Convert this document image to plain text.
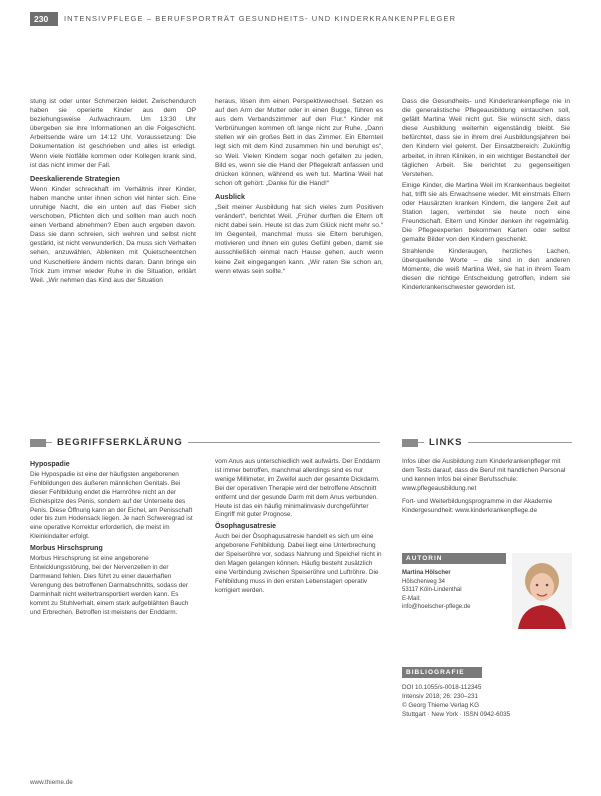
230	INTENSIVPFLEGE – BERUFSPORTRÄT GESUNDHEITS- UND KINDERKRANKENPFLEGER

stung ist oder unter Schmerzen leidet. Zwischendurch haben sie operierte Kinder aus dem OP beziehungsweise Aufwachraum. Um 13:30 Uhr übergeben sie ihre Informationen an die Folgeschicht. Arbeitsende wäre um 14:12 Uhr. Voraussetzung: Die Dokumentation ist geschrieben und alles ist erledigt. Wenn viele Notfälle kommen oder Kollegen krank sind, ist das nicht immer der Fall.

Deeskalierende Strategien

Wenn Kinder schreckhaft im Verhältnis ihrer Kinder, haben manche unter ihnen schon viel hinter sich. Eine unruhige Nacht, die ein unten auf das Fieber sich verschoben, Pflichten dich und sollten man auch noch einen Verband abnehmen? Eben auch ergeben davon. Dass sie dann schreien, sich wehren und selbst nicht gestärkt, ist nicht verwunderlich. Da muss sich Verhalten sehen, anzuwählen, Ablenken mit Quietscheentchen und Kuscheltiere ändern nichts daran. Dann bringe ein Trick zum immer wieder Ruhe in die Situation, erklärt Weil. „Wir nehmen das Kind aus der Situation

heraus, lösen ihm einen Perspektivwechsel. Setzen es auf den Arm der Mutter oder in einen Bugge, führen es aus dem Verbandszimmer auf den Flur.“ Kinder mit Verbrühungen kommen oft lange nicht zur Ruhe. „Dann stellen wir ein großes Bett in das Zimmer. Ein Elternteil legt sich mit dem Kind zusammen hin und beruhigt es“, so Weil. Vielen Kindern sogar noch gefallen zu jeden, Bild es, wenn sie die Hand der Pflegekraft anfassen und drücken können, während es weh tut. Martina Weil hat schon oft gehört: „Danke für die Hand!“

Ausblick

„Seit meiner Ausbildung hat sich vieles zum Positiven verändert“, berichtet Weil. „Früher durften die Eltern oft nicht dabei sein. Heute ist das zum Glück nicht mehr so.“ Im Gegenteil, manchmal muss sie Eltern beruhigen, motivieren und ihnen ein gutes Gefühl geben, damit sie ausschließlich einmal nach Hause gehen, auch wenn keine Zeit eingegangen kann. „Wir raten Sie schon an, wenn etwas sein sollte.“

Dass die Gesundheits- und Kinderkrankenpflege nie in die generalistische Pflegeausbildung eintauchen soll, gefällt Martina Weil nicht gut. Sie wünscht sich, dass diese Ausbildung weiterhin eigenständig bleibt. Sie befürchtet, dass sie in ihrem drei Ausbildungsjahren bei den Kindern viel gelernt. Der Einsatzbereich: Zukünftig arbeitet, in ihren Kliniken, in ein wichtiger Bestandteil der täglichen Arbeit. Sie berichtet zu gegenseitigen Verstehen.

Einige Kinder, die Martina Weil im Krankenhaus begleitet hat, trifft sie als Erwachsene wieder. Mit einstmals Eltern oder Hausärzten kranken Kindern, die langere Zeit auf Station lagen, verbindet sie heute noch eine Freundschaft. Eltern und Kinder denken ihr regelmäßig. Die Pflegeexperten bekommen Karten oder selbst gemalte Bilder von den Kindern geschenkt.

Strahlende Kinderaugen, herzliches Lachen, überquellende Worte – die sind in den anderen Momente, die weiß Martina Weil, sie hat in ihrem Team diesen die richtige Entscheidung getroffen, indem sie Kinderkrankenschwester geworden ist.

BEGRIFFSERKLÄRUNG
Hypospadie

Die Hypospadie ist eine der häufigsten angeborenen Fehlbildungen des äußeren männlichen Genitals. Bei dieser Fehlbildung endet die Harnröhre nicht an der Eichelspitze des Penis, sondern auf der Unterseite des Penis. Diese Öffnung kann an der Eichel, am Penisschaft oder bis zum Hodensack liegen. Je nach Schweregrad ist eine operative Korrektur erforderlich, die meist im Kleinkindalter erfolgt.

Morbus Hirschsprung

Morbus Hirschsprung ist eine angeborene Entwicklungsstörung, bei der Nervenzellen in der Darmwand fehlen. Dies führt zu einer dauerhaften Verengung des betroffenen Darmabschnitts, sodass der Darminhalt nicht weitertransportiert werden kann. Es kommt zu Stuhlverhalt, einem stark aufgeblähten Bauch und Erbrechen. Betroffen ist meistens der Enddarm.

vom Anus aus unterschiedlich weit aufwärts. Der Enddarm ist immer betroffen, manchmal allerdings sind es nur wenige Millimeter, im Zweifel auch der gesamte Dickdarm. Bei der operativen Therapie wird der betroffene Abschnitt entfernt und der gesunde Darm mit dem Anus verbunden. Heute ist das ein häufig minimalinvasiv durchgeführter Eingriff mit guter Prognose.

Ösophagusatresie

Auch bei der Ösophagusatresie handelt es sich um eine angeborene Fehlbildung. Dabei liegt eine Unterbrechung der Speiseröhre vor, sodass Nahrung und Speichel nicht in den Magen gelangen können. Häufig besteht zusätzlich eine Verbindung zwischen Speiseröhre und Luftröhre. Die Fehlbildung muss in den ersten Lebenstagen operativ korrigiert werden.

LINKS

Infos über die Ausbildung zum Kinderkrankenpfleger mit dem Tests darauf, dass die Beruf mit handlichen Personal und kennen Infos bei einer Berufsschule: www.pflegeausbildung.net

Fort- und Weiterbildungsprogramme in der Akademie Kindergesundheit: www.kinderkrankenpflege.de

AUTORIN
Martina Hölscher
Hölscherweg 34
53117 Köln-Lindenthal
E-Mail:
info@hoelscher-pflege.de
BIBLIOGRAFIE
DOI 10.1055/s-0018-112345
Intensiv 2018; 26: 230–231
© Georg Thieme Verlag KG
Stuttgart · New York · ISSN 0942-6035
www.thieme.de
